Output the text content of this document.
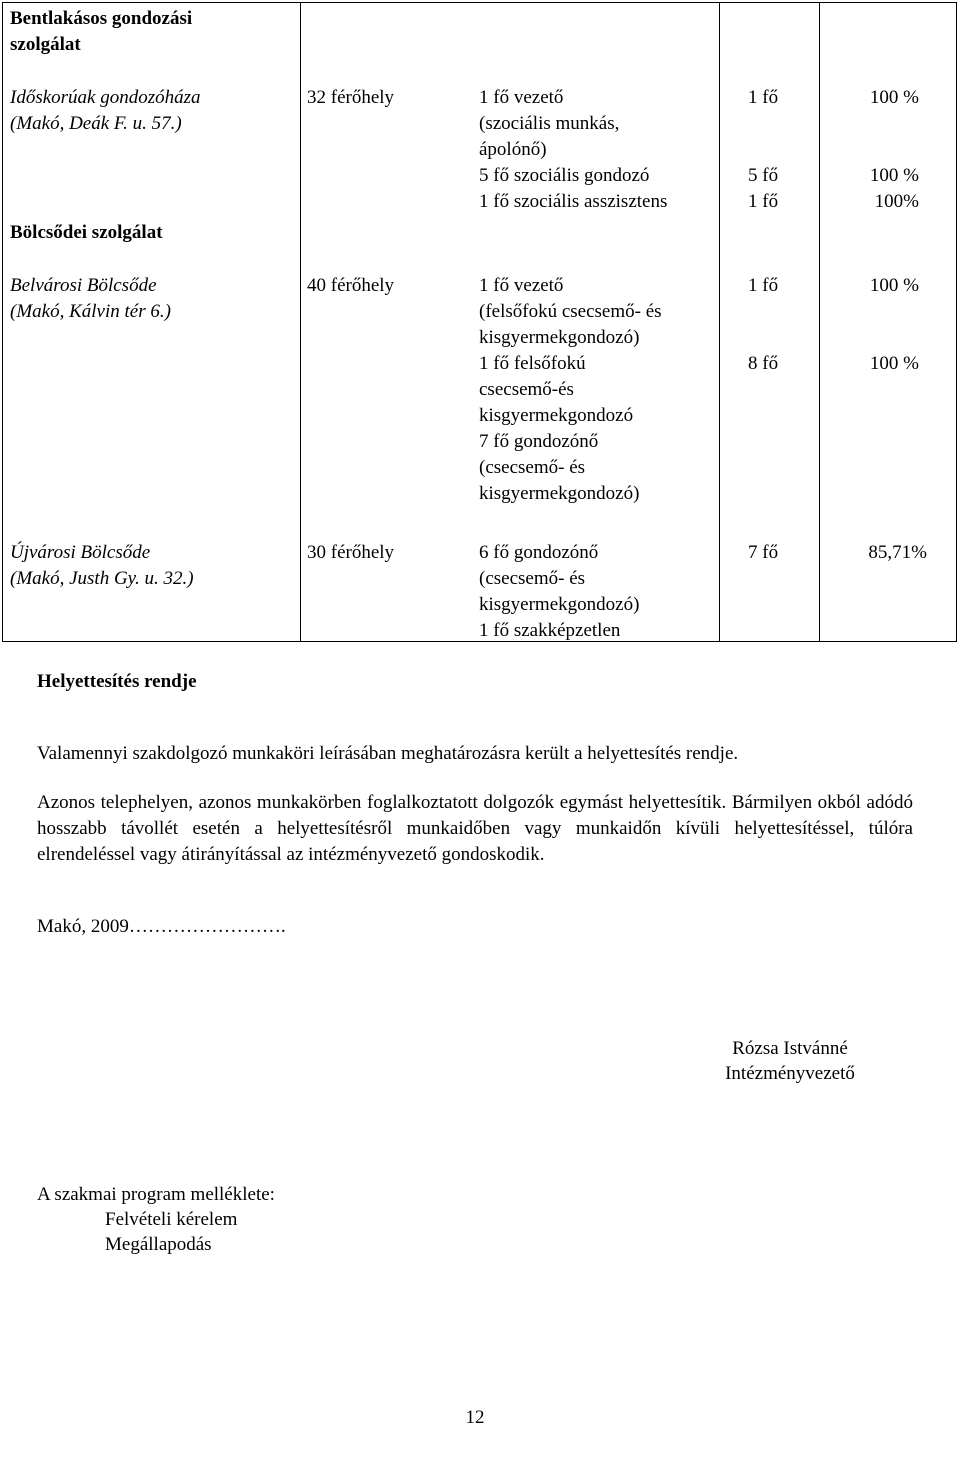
Bentlakásos gondozási
szolgálat
Időskorúak gondozóháza
(Makó, Deák F. u. 57.)
Bölcsődei szolgálat
Belvárosi Bölcsőde
(Makó, Kálvin tér 6.)
Újvárosi Bölcsőde
(Makó, Justh Gy. u. 32.)
32 férőhely
40 férőhely
30 férőhely
1 fő vezető
(szociális munkás,
ápolónő)
5 fő szociális gondozó
1 fő szociális asszisztens
1 fő vezető
(felsőfokú csecsemő- és
kisgyermekgondozó)
1 fő felsőfokú
csecsemő-és
kisgyermekgondozó
7 fő gondozónő
(csecsemő- és
kisgyermekgondozó)
6 fő gondozónő
(csecsemő- és
kisgyermekgondozó)
1 fő szakképzetlen
1 fő

5 fő
1 fő
1 fő

8 fő
7 fő
100 %

100 %
100%
100 %

100 %
85,71%
Helyettesítés rendje
Valamennyi szakdolgozó munkaköri leírásában meghatározásra került a helyettesítés rendje.
Azonos telephelyen, azonos munkakörben foglalkoztatott dolgozók egymást helyettesítik. Bármilyen okból adódó hosszabb távollét esetén a helyettesítésről munkaidőben vagy munkaidőn kívüli helyettesítéssel, túlóra elrendeléssel vagy átirányítással az intézményvezető gondoskodik.
Makó, 2009…………………….
Rózsa Istvánné
Intézményvezető
A szakmai program melléklete:
Felvételi kérelem
Megállapodás
12
